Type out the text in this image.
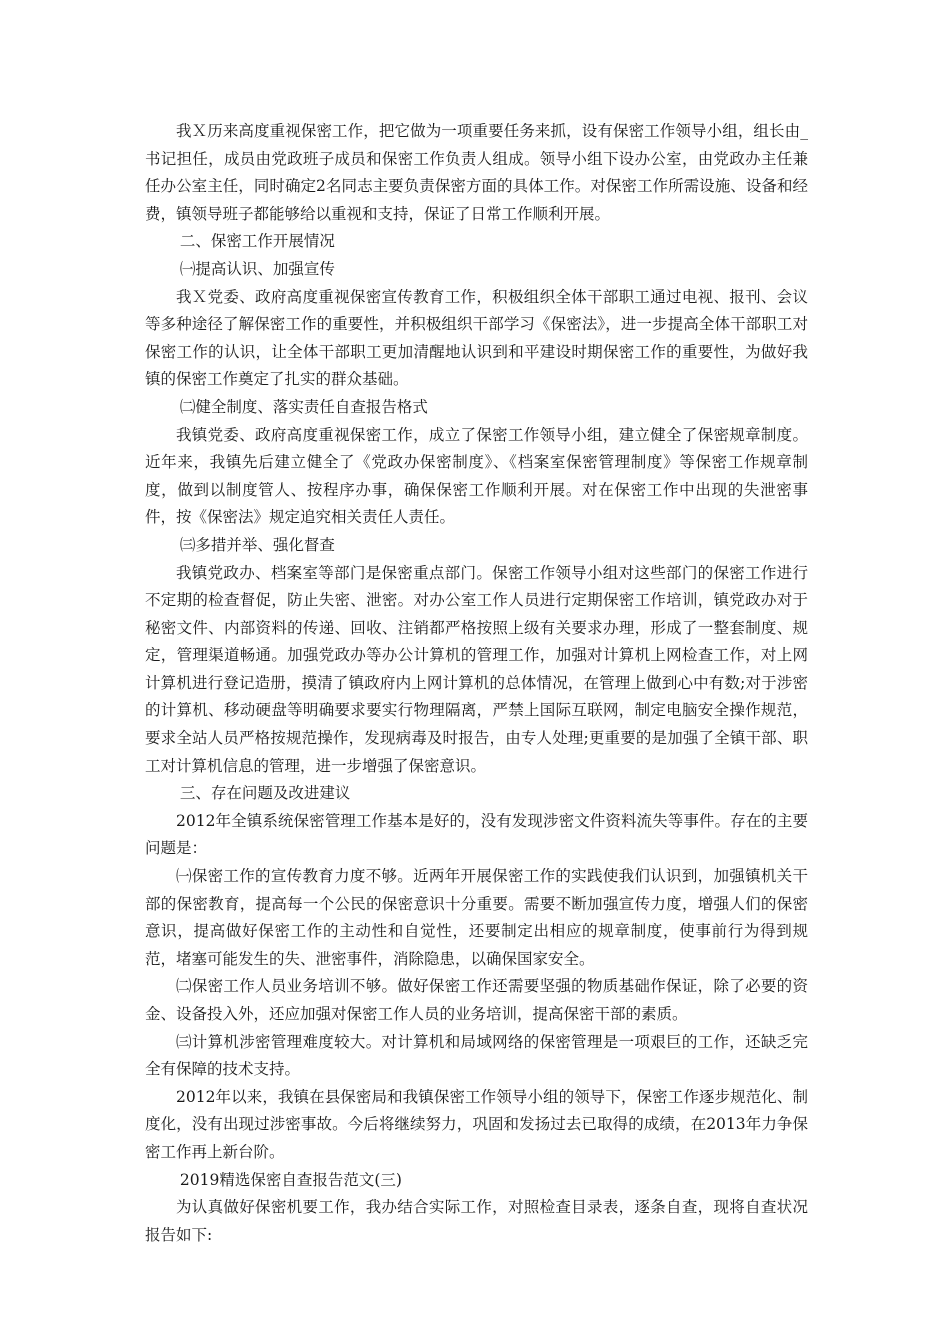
我Ｘ历来高度重视保密工作，把它做为一项重要任务来抓，设有保密工作领导小组，组长由_书记担任，成员由党政班子成员和保密工作负责人组成。领导小组下设办公室，由党政办主任兼任办公室主任，同时确定2名同志主要负责保密方面的具体工作。对保密工作所需设施、设备和经费，镇领导班子都能够给以重视和支持，保证了日常工作顺利开展。

二、保密工作开展情况

㈠提高认识、加强宣传

我Ｘ党委、政府高度重视保密宣传教育工作，积极组织全体干部职工通过电视、报刊、会议等多种途径了解保密工作的重要性，并积极组织干部学习《保密法》，进一步提高全体干部职工对保密工作的认识，让全体干部职工更加清醒地认识到和平建设时期保密工作的重要性，为做好我镇的保密工作奠定了扎实的群众基础。

㈡健全制度、落实责任自查报告格式

我镇党委、政府高度重视保密工作，成立了保密工作领导小组，建立健全了保密规章制度。近年来，我镇先后建立健全了《党政办保密制度》、《档案室保密管理制度》等保密工作规章制度，做到以制度管人、按程序办事，确保保密工作顺利开展。对在保密工作中出现的失泄密事件，按《保密法》规定追究相关责任人责任。

㈢多措并举、强化督查

我镇党政办、档案室等部门是保密重点部门。保密工作领导小组对这些部门的保密工作进行不定期的检查督促，防止失密、泄密。对办公室工作人员进行定期保密工作培训，镇党政办对于秘密文件、内部资料的传递、回收、注销都严格按照上级有关要求办理，形成了一整套制度、规定，管理渠道畅通。加强党政办等办公计算机的管理工作，加强对计算机上网检查工作，对上网计算机进行登记造册，摸清了镇政府内上网计算机的总体情况，在管理上做到心中有数;对于涉密的计算机、移动硬盘等明确要求要实行物理隔离，严禁上国际互联网，制定电脑安全操作规范，要求全站人员严格按规范操作，发现病毒及时报告，由专人处理;更重要的是加强了全镇干部、职工对计算机信息的管理，进一步增强了保密意识。

三、存在问题及改进建议

2012年全镇系统保密管理工作基本是好的，没有发现涉密文件资料流失等事件。存在的主要问题是：

㈠保密工作的宣传教育力度不够。近两年开展保密工作的实践使我们认识到，加强镇机关干部的保密教育，提高每一个公民的保密意识十分重要。需要不断加强宣传力度，增强人们的保密意识，提高做好保密工作的主动性和自觉性，还要制定出相应的规章制度，使事前行为得到规范，堵塞可能发生的失、泄密事件，消除隐患，以确保国家安全。

㈡保密工作人员业务培训不够。做好保密工作还需要坚强的物质基础作保证，除了必要的资金、设备投入外，还应加强对保密工作人员的业务培训，提高保密干部的素质。

㈢计算机涉密管理难度较大。对计算机和局域网络的保密管理是一项艰巨的工作，还缺乏完全有保障的技术支持。

2012年以来，我镇在县保密局和我镇保密工作领导小组的领导下，保密工作逐步规范化、制度化，没有出现过涉密事故。今后将继续努力，巩固和发扬过去已取得的成绩，在2013年力争保密工作再上新台阶。

2019精选保密自查报告范文(三)

为认真做好保密机要工作，我办结合实际工作，对照检查目录表，逐条自查，现将自查状况报告如下:
